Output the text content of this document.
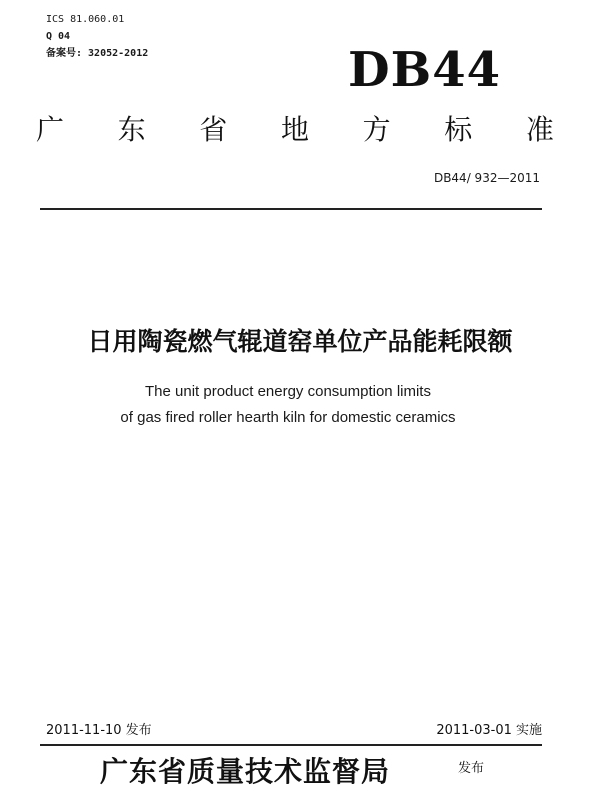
ICS 81.060.01
Q 04
备案号: 32052-2012	DB44
广 东 省 地 方 标 准
DB44/ 932—2011
日用陶瓷燃气辊道窑单位产品能耗限额
The unit product energy consumption limits
of gas fired roller hearth kiln for domestic ceramics
2011-11-10 发布	2011-03-01 实施
广东省质量技术监督局	发布
